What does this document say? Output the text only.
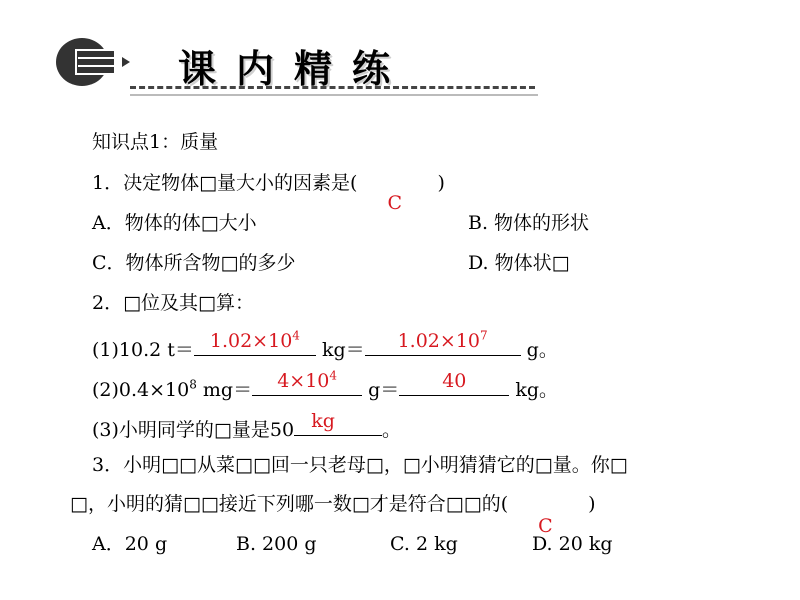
课内精练
知识点1：质量
1．决定物体□量大小的因素是(
C
)
A．物体的体□大小	B. 物体的形状
C．物体所含物□的多少	D. 物体状□
2．□位及其□算：
(1)10.2 $t= 1.02\times 10^4$
kg＝	$1.02\times 10^7$
g。
$(2)0.4\times 10^8$ mg＝	$4\times 10^4$
g＝	40	kg。
(3)小明同学的□量是50 kg	。
3．小明□□从菜□□回一只老母□，□小明猜猜它的□量。你□
□，小明的猜□□接近下列哪一数□才是符合□□的(
C
)
A．20 g	B. 200 g	C. 2 kg	D. 20 kg
